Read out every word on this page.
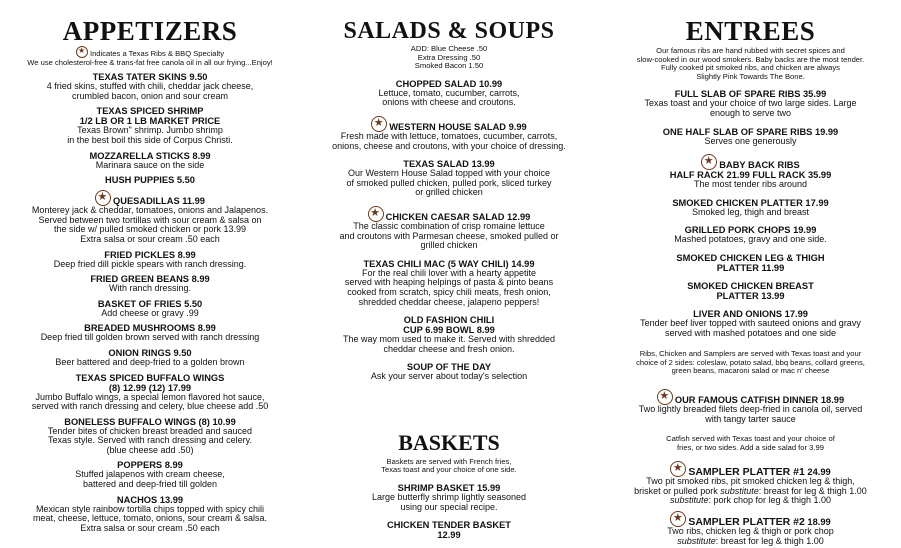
APPETIZERS
★Indicates a Texas Ribs & BBQ Specialty
We use cholesterol-free & trans-fat free canola oil in all our frying...Enjoy!
TEXAS TATER SKINS 9.50
4 fried skins, stuffed with chili, cheddar jack cheese,
crumbled bacon, onion and sour cream
TEXAS SPICED SHRIMP
1/2 LB OR 1 LB MARKET PRICE
Texas Brown" shrimp. Jumbo shrimp
in the best boil this side of Corpus Christi.
MOZZARELLA STICKS 8.99
Marinara sauce on the side
HUSH PUPPIES 5.50
★QUESADILLAS 11.99
Monterey jack & cheddar, tomatoes, onions and Jalapenos.
Served between two tortillas with sour cream & salsa on
the side w/ pulled smoked chicken or pork 13.99
Extra salsa or sour cream .50 each
FRIED PICKLES 8.99
Deep fried dill pickle spears with ranch dressing.
FRIED GREEN BEANS 8.99
With ranch dressing.
BASKET OF FRIES 5.50
Add cheese or gravy .99
BREADED MUSHROOMS 8.99
Deep fried till golden brown served with ranch dressing
ONION RINGS 9.50
Beer battered and deep-fried to a golden brown
TEXAS SPICED BUFFALO WINGS
(8) 12.99 (12) 17.99
Jumbo Buffalo wings, a special lemon flavored hot sauce,
served with ranch dressing and celery, blue cheese add .50
BONELESS BUFFALO WINGS (8) 10.99
Tender bites of chicken breast breaded and sauced
Texas style. Served with ranch dressing and celery.
(blue cheese add .50)
POPPERS 8.99
Stuffed jalapenos with cream cheese,
battered and deep-fried till golden
NACHOS 13.99
Mexican style rainbow tortilla chips topped with spicy chili
meat, cheese, lettuce, tomato, onions, sour cream & salsa.
Extra salsa or sour cream .50 each
SALADS & SOUPS
ADD: Blue Cheese .50
Extra Dressing .50
Smoked Bacon 1.50
CHOPPED SALAD 10.99
Lettuce, tomato, cucumber, carrots,
onions with cheese and croutons.
★WESTERN HOUSE SALAD 9.99
Fresh made with lettuce, tomatoes, cucumber, carrots,
onions, cheese and croutons, with your choice of dressing.
TEXAS SALAD 13.99
Our Western House Salad topped with your choice
of smoked pulled chicken, pulled pork, sliced turkey
or grilled chicken
★CHICKEN CAESAR SALAD 12.99
The classic combination of crisp romaine lettuce
and croutons with Parmesan cheese, smoked pulled or
grilled chicken
TEXAS CHILI MAC (5 WAY CHILI) 14.99
For the real chili lover with a hearty appetite
served with heaping helpings of pasta & pinto beans
cooked from scratch, spicy chili meats, fresh onion,
shredded cheddar cheese, jalapeno peppers!
OLD FASHION CHILI
CUP 6.99 BOWL 8.99
The way mom used to make it. Served with shredded
cheddar cheese and fresh onion.
SOUP OF THE DAY
Ask your server about today's selection
BASKETS
Baskets are served with French fries,
Texas toast and your choice of one side.
SHRIMP BASKET 15.99
Large butterfly shrimp lightly seasoned
using our special recipe.
CHICKEN TENDER BASKET
12.99
ENTREES
Our famous ribs are hand rubbed with secret spices and
slow-cooked in our wood smokers. Baby backs are the most tender.
Fully cooked pit smoked ribs, and chicken are always
Slightly Pink Towards The Bone.
FULL SLAB OF SPARE RIBS 35.99
Texas toast and your choice of two large sides. Large
enough to serve two
ONE HALF SLAB OF SPARE RIBS 19.99
Serves one generously
★BABY BACK RIBS
HALF RACK 21.99 FULL RACK 35.99
The most tender ribs around
SMOKED CHICKEN PLATTER 17.99
Smoked leg, thigh and breast
GRILLED PORK CHOPS 19.99
Mashed potatoes, gravy and one side.
SMOKED CHICKEN LEG & THIGH
PLATTER 11.99
SMOKED CHICKEN BREAST
PLATTER 13.99
LIVER AND ONIONS 17.99
Tender beef liver topped with sauteed onions and gravy
served with mashed potatoes and one side
Ribs, Chicken and Samplers are served with Texas toast and your
choice of 2 sides: coleslaw, potato salad, bbq beans, collard greens,
green beans, macaroni salad or mac n' cheese
★OUR FAMOUS CATFISH DINNER 18.99
Two lightly breaded filets deep-fried in canola oil, served
with tangy tarter sauce
Catfish served with Texas toast and your choice of
fries, or two sides. Add a side salad for 3.99
★SAMPLER PLATTER #1 24.99
Two pit smoked ribs, pit smoked chicken leg & thigh,
brisket or pulled pork substitute: breast for leg & thigh 1.00
substitute: pork chop for leg & thigh 1.00
★SAMPLER PLATTER #2 18.99
Two ribs, chicken leg & thigh or pork chop
substitute: breast for leg & thigh 1.00
